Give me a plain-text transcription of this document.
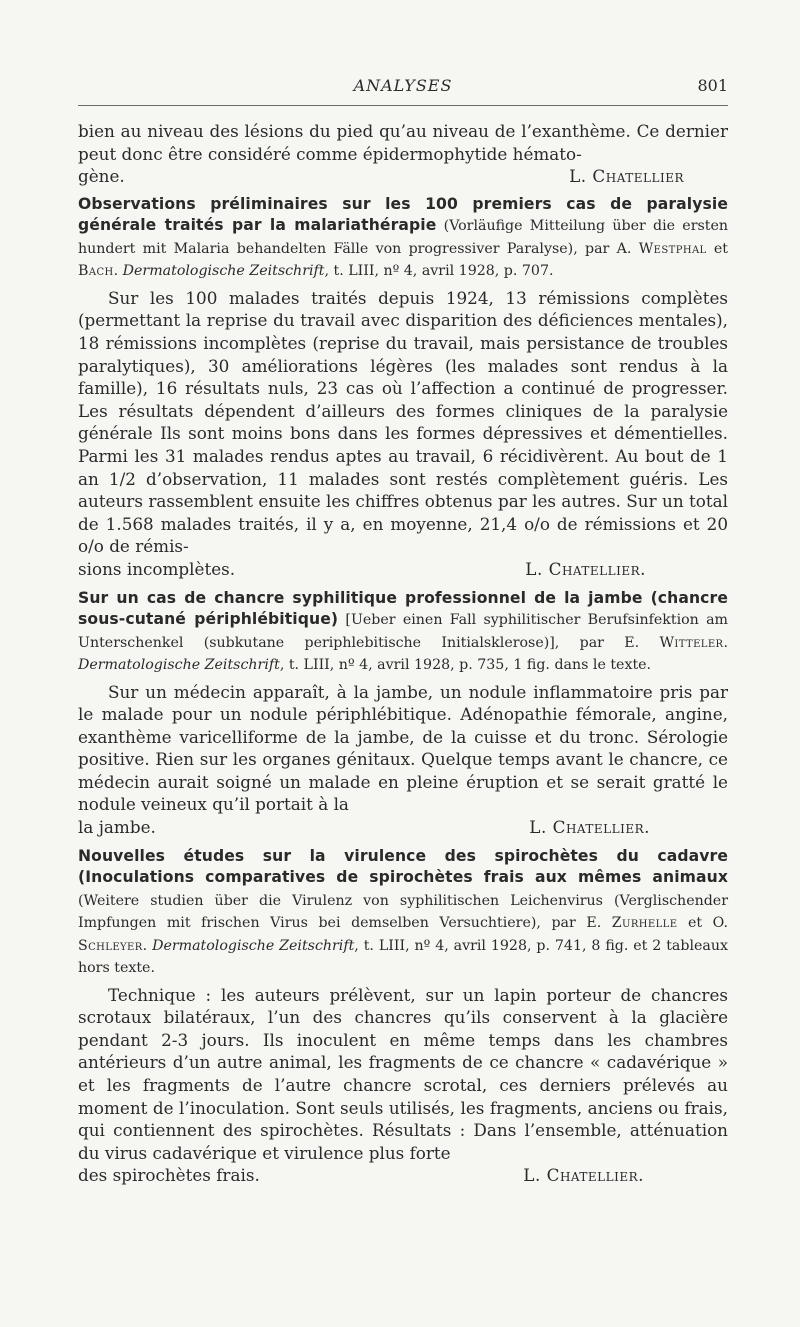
ANALYSES	801

bien au niveau des lésions du pied qu’au niveau de l’exanthème. Ce dernier peut donc être considéré comme épidermophytide hémato-

gène.	L. Chatellier

Observations préliminaires sur les 100 premiers cas de paralysie générale traités par la malariathérapie (Vorläufige Mitteilung über die ersten hundert mit Malaria behandelten Fälle von progressiver Paralyse), par A. Westphal et Bach. Dermatologische Zeitschrift, t. LIII, nº 4, avril 1928, p. 707.

Sur les 100 malades traités depuis 1924, 13 rémissions complètes (permettant la reprise du travail avec disparition des déficiences mentales), 18 rémissions incomplètes (reprise du travail, mais persistance de troubles paralytiques), 30 améliorations légères (les malades sont rendus à la famille), 16 résultats nuls, 23 cas où l’affection a continué de progresser. Les résultats dépendent d’ailleurs des formes cliniques de la paralysie générale Ils sont moins bons dans les formes dépressives et démentielles. Parmi les 31 malades rendus aptes au travail, 6 récidivèrent. Au bout de 1 an 1/2 d’observation, 11 malades sont restés complètement guéris. Les auteurs rassemblent ensuite les chiffres obtenus par les autres. Sur un total de 1.568 malades traités, il y a, en moyenne, 21,4 o/o de rémissions et 20 o/o de rémis-

sions incomplètes.	L. Chatellier.

Sur un cas de chancre syphilitique professionnel de la jambe (chancre sous-cutané périphlébitique) [Ueber einen Fall syphilitischer Berufsinfektion am Unterschenkel (subkutane periphlebitische Initialsklerose)], par E. Witteler. Dermatologische Zeitschrift, t. LIII, nº 4, avril 1928, p. 735, 1 fig. dans le texte.

Sur un médecin apparaît, à la jambe, un nodule inflammatoire pris par le malade pour un nodule périphlébitique. Adénopathie fémorale, angine, exanthème varicelliforme de la jambe, de la cuisse et du tronc. Sérologie positive. Rien sur les organes génitaux. Quelque temps avant le chancre, ce médecin aurait soigné un malade en pleine éruption et se serait gratté le nodule veineux qu’il portait à la

la jambe.	L. Chatellier.

Nouvelles études sur la virulence des spirochètes du cadavre (Inoculations comparatives de spirochètes frais aux mêmes animaux (Weitere studien über die Virulenz von syphilitischen Leichenvirus (Verglischender Impfungen mit frischen Virus bei demselben Versuchtiere), par E. Zurhelle et O. Schleyer. Dermatologische Zeitschrift, t. LIII, nº 4, avril 1928, p. 741, 8 fig. et 2 tableaux hors texte.

Technique : les auteurs prélèvent, sur un lapin porteur de chancres scrotaux bilatéraux, l’un des chancres qu’ils conservent à la glacière pendant 2-3 jours. Ils inoculent en même temps dans les chambres antérieurs d’un autre animal, les fragments de ce chancre « cadavérique » et les fragments de l’autre chancre scrotal, ces derniers prélevés au moment de l’inoculation. Sont seuls utilisés, les fragments, anciens ou frais, qui contiennent des spirochètes. Résultats : Dans l’ensemble, atténuation du virus cadavérique et virulence plus forte

des spirochètes frais.	L. Chatellier.
